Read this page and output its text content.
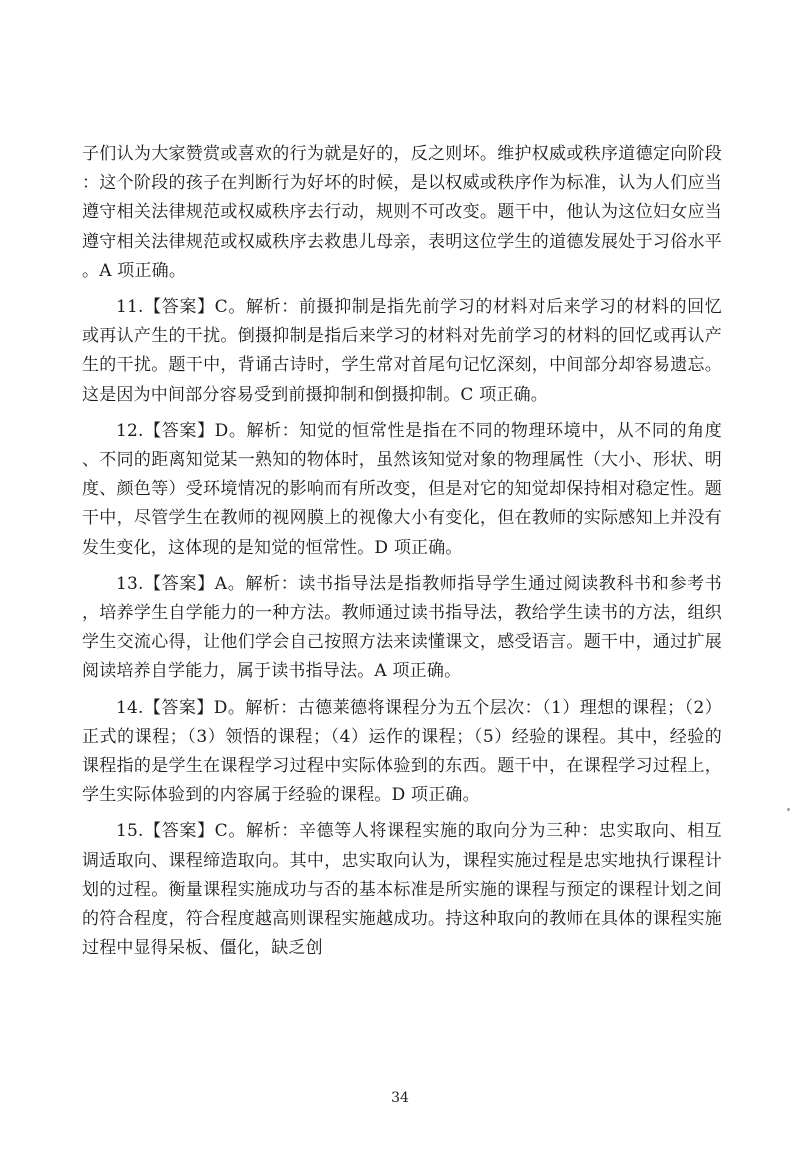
子们认为大家赞赏或喜欢的行为就是好的，反之则坏。维护权威或秩序道德定向阶段：这个阶段的孩子在判断行为好坏的时候，是以权威或秩序作为标准，认为人们应当遵守相关法律规范或权威秩序去行动，规则不可改变。题干中，他认为这位妇女应当遵守相关法律规范或权威秩序去救患儿母亲，表明这位学生的道德发展处于习俗水平。A 项正确。

11.【答案】C。解析：前摄抑制是指先前学习的材料对后来学习的材料的回忆或再认产生的干扰。倒摄抑制是指后来学习的材料对先前学习的材料的回忆或再认产生的干扰。题干中，背诵古诗时，学生常对首尾句记忆深刻，中间部分却容易遗忘。这是因为中间部分容易受到前摄抑制和倒摄抑制。C 项正确。

12.【答案】D。解析：知觉的恒常性是指在不同的物理环境中，从不同的角度、不同的距离知觉某一熟知的物体时，虽然该知觉对象的物理属性（大小、形状、明度、颜色等）受环境情况的影响而有所改变，但是对它的知觉却保持相对稳定性。题干中，尽管学生在教师的视网膜上的视像大小有变化，但在教师的实际感知上并没有发生变化，这体现的是知觉的恒常性。D 项正确。

13.【答案】A。解析：读书指导法是指教师指导学生通过阅读教科书和参考书，培养学生自学能力的一种方法。教师通过读书指导法，教给学生读书的方法，组织学生交流心得，让他们学会自己按照方法来读懂课文，感受语言。题干中，通过扩展阅读培养自学能力，属于读书指导法。A 项正确。

14.【答案】D。解析：古德莱德将课程分为五个层次：（1）理想的课程；（2）正式的课程；（3）领悟的课程；（4）运作的课程；（5）经验的课程。其中，经验的课程指的是学生在课程学习过程中实际体验到的东西。题干中，在课程学习过程上，学生实际体验到的内容属于经验的课程。D 项正确。

15.【答案】C。解析：辛德等人将课程实施的取向分为三种：忠实取向、相互调适取向、课程缔造取向。其中，忠实取向认为，课程实施过程是忠实地执行课程计划的过程。衡量课程实施成功与否的基本标准是所实施的课程与预定的课程计划之间的符合程度，符合程度越高则课程实施越成功。持这种取向的教师在具体的课程实施过程中显得呆板、僵化，缺乏创

34
